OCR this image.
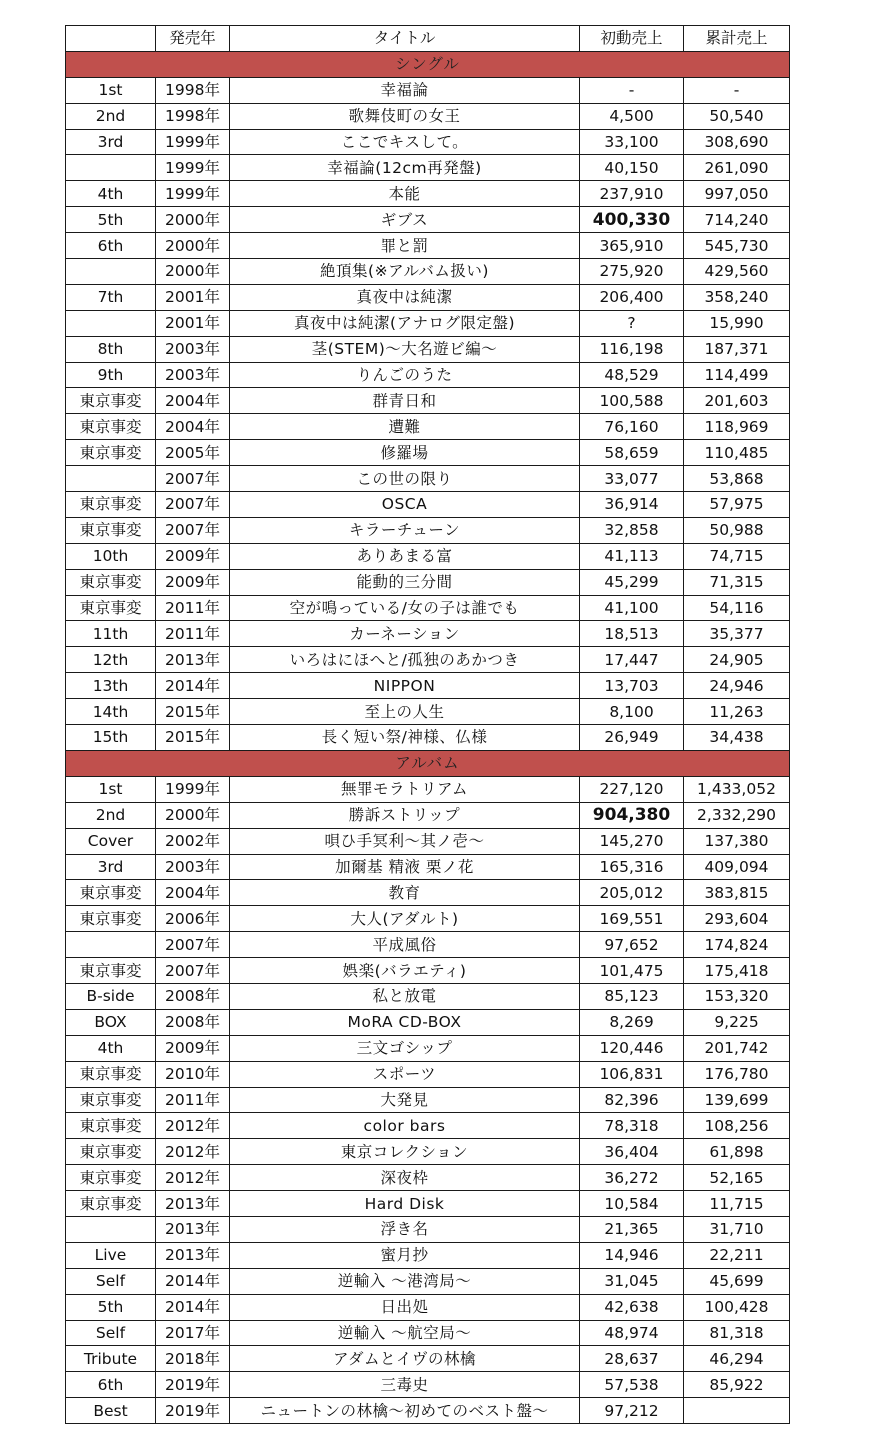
	発売年	タイトル	初動売上	累計売上
シングル				
1st	1998年	幸福論	-	-
2nd	1998年	歌舞伎町の女王	4,500	50,540
3rd	1999年	ここでキスして。	33,100	308,690
	1999年	幸福論(12cm再発盤)	40,150	261,090
4th	1999年	本能	237,910	997,050
5th	2000年	ギブス	400,330	714,240
6th	2000年	罪と罰	365,910	545,730
	2000年	絶頂集(※アルバム扱い)	275,920	429,560
7th	2001年	真夜中は純潔	206,400	358,240
	2001年	真夜中は純潔(アナログ限定盤)	?	15,990
8th	2003年	茎(STEM)〜大名遊ビ編〜	116,198	187,371
9th	2003年	りんごのうた	48,529	114,499
東京事変	2004年	群青日和	100,588	201,603
東京事変	2004年	遭難	76,160	118,969
東京事変	2005年	修羅場	58,659	110,485
	2007年	この世の限り	33,077	53,868
東京事変	2007年	OSCA	36,914	57,975
東京事変	2007年	キラーチューン	32,858	50,988
10th	2009年	ありあまる富	41,113	74,715
東京事変	2009年	能動的三分間	45,299	71,315
東京事変	2011年	空が鳴っている/女の子は誰でも	41,100	54,116
11th	2011年	カーネーション	18,513	35,377
12th	2013年	いろはにほへと/孤独のあかつき	17,447	24,905
13th	2014年	NIPPON	13,703	24,946
14th	2015年	至上の人生	8,100	11,263
15th	2015年	長く短い祭/神様、仏様	26,949	34,438
アルバム				
1st	1999年	無罪モラトリアム	227,120	1,433,052
2nd	2000年	勝訴ストリップ	904,380	2,332,290
Cover	2002年	唄ひ手冥利〜其ノ壱〜	145,270	137,380
3rd	2003年	加爾基 精液 栗ノ花	165,316	409,094
東京事変	2004年	教育	205,012	383,815
東京事変	2006年	大人(アダルト)	169,551	293,604
	2007年	平成風俗	97,652	174,824
東京事変	2007年	娯楽(バラエティ)	101,475	175,418
B-side	2008年	私と放電	85,123	153,320
BOX	2008年	MoRA CD-BOX	8,269	9,225
4th	2009年	三文ゴシップ	120,446	201,742
東京事変	2010年	スポーツ	106,831	176,780
東京事変	2011年	大発見	82,396	139,699
東京事変	2012年	color bars	78,318	108,256
東京事変	2012年	東京コレクション	36,404	61,898
東京事変	2012年	深夜枠	36,272	52,165
東京事変	2013年	Hard Disk	10,584	11,715
	2013年	浮き名	21,365	31,710
Live	2013年	蜜月抄	14,946	22,211
Self	2014年	逆輸入 〜港湾局〜	31,045	45,699
5th	2014年	日出処	42,638	100,428
Self	2017年	逆輸入 〜航空局〜	48,974	81,318
Tribute	2018年	アダムとイヴの林檎	28,637	46,294
6th	2019年	三毒史	57,538	85,922
Best	2019年	ニュートンの林檎〜初めてのベスト盤〜	97,212	
